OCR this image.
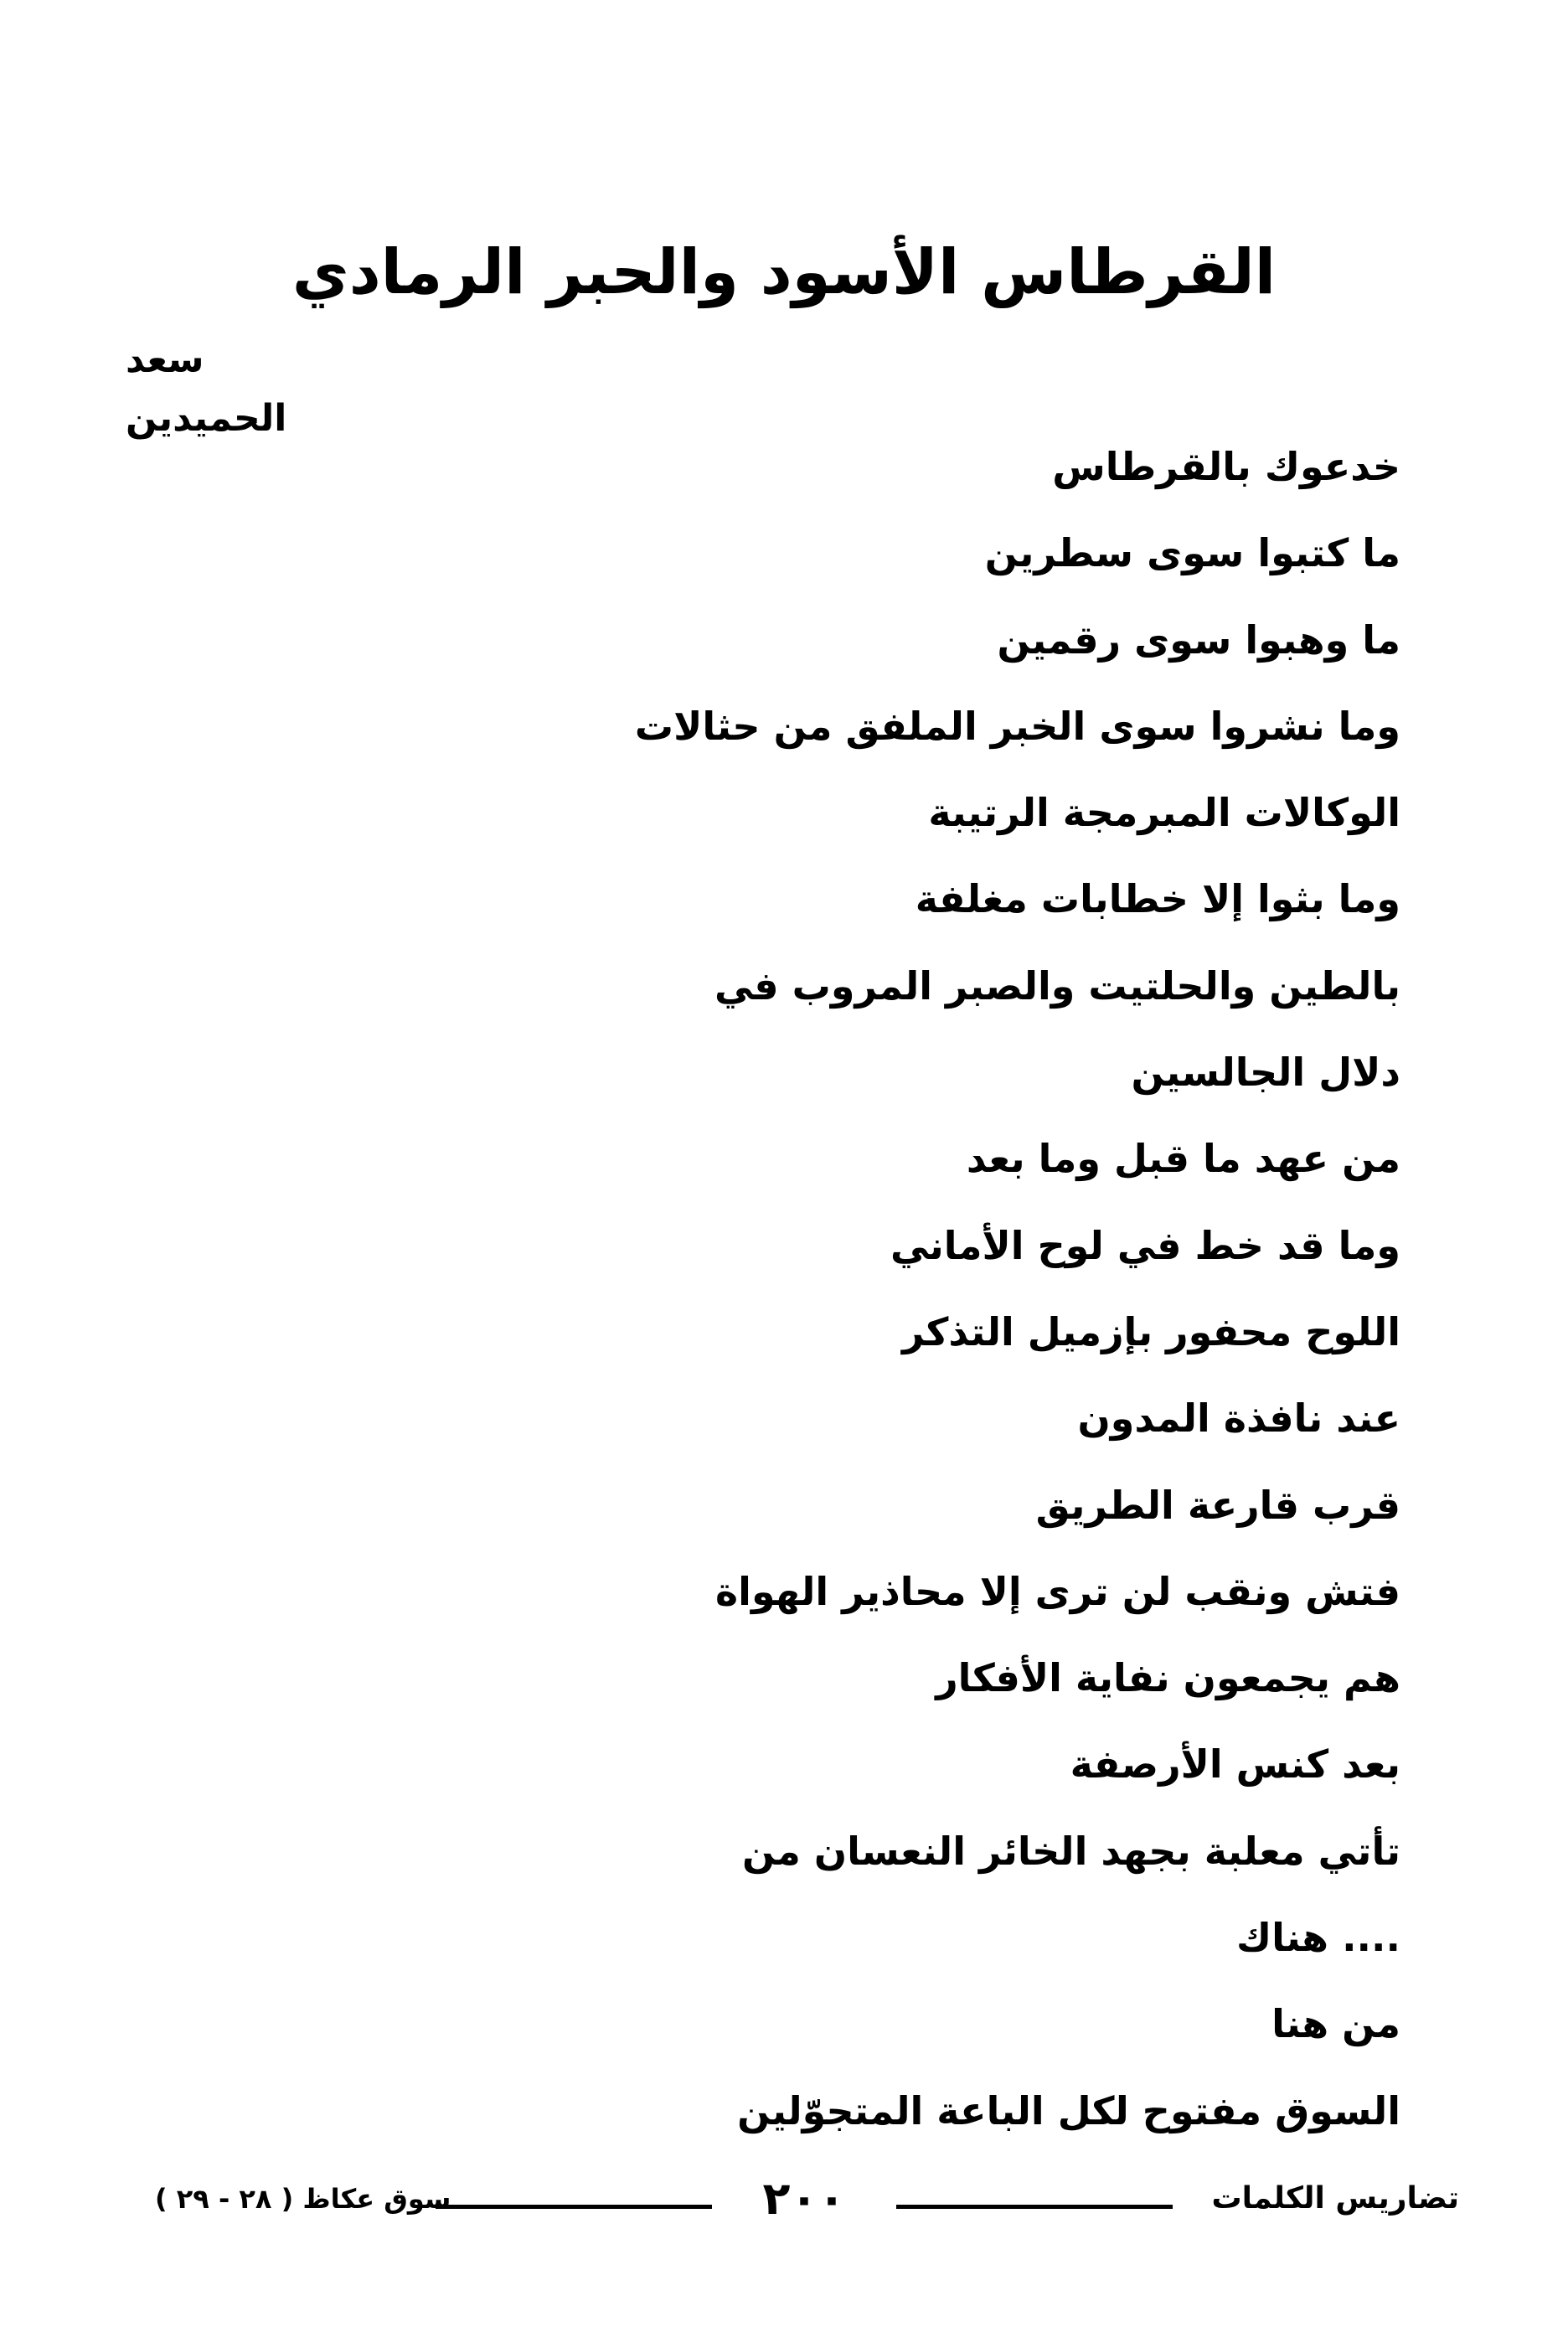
القرطاس الأسود والحبر الرمادي
سعد الحميدين
خدعوك بالقرطاس
ما كتبوا سوى سطرين
ما وهبوا سوى رقمين
وما نشروا سوى الخبر الملفق من حثالات
الوكالات المبرمجة الرتيبة
وما بثوا إلا خطابات مغلفة
بالطين والحلتيت والصبر المروب في
دلال الجالسين
من عهد ما قبل وما بعد
وما قد خط في لوح الأماني
اللوح محفور بإزميل التذكر
عند نافذة المدون
قرب قارعة الطريق
فتش ونقب لن ترى إلا محاذير الهواة
هم يجمعون نفاية الأفكار
بعد كنس الأرصفة
تأتي معلبة بجهد الخائر النعسان من
.... هناك
من هنا
السوق مفتوح لكل الباعة المتجوّلين
تضاريس الكلمات
٢٠٠
سوق عكاظ ( ٢٨ - ٢٩ )
